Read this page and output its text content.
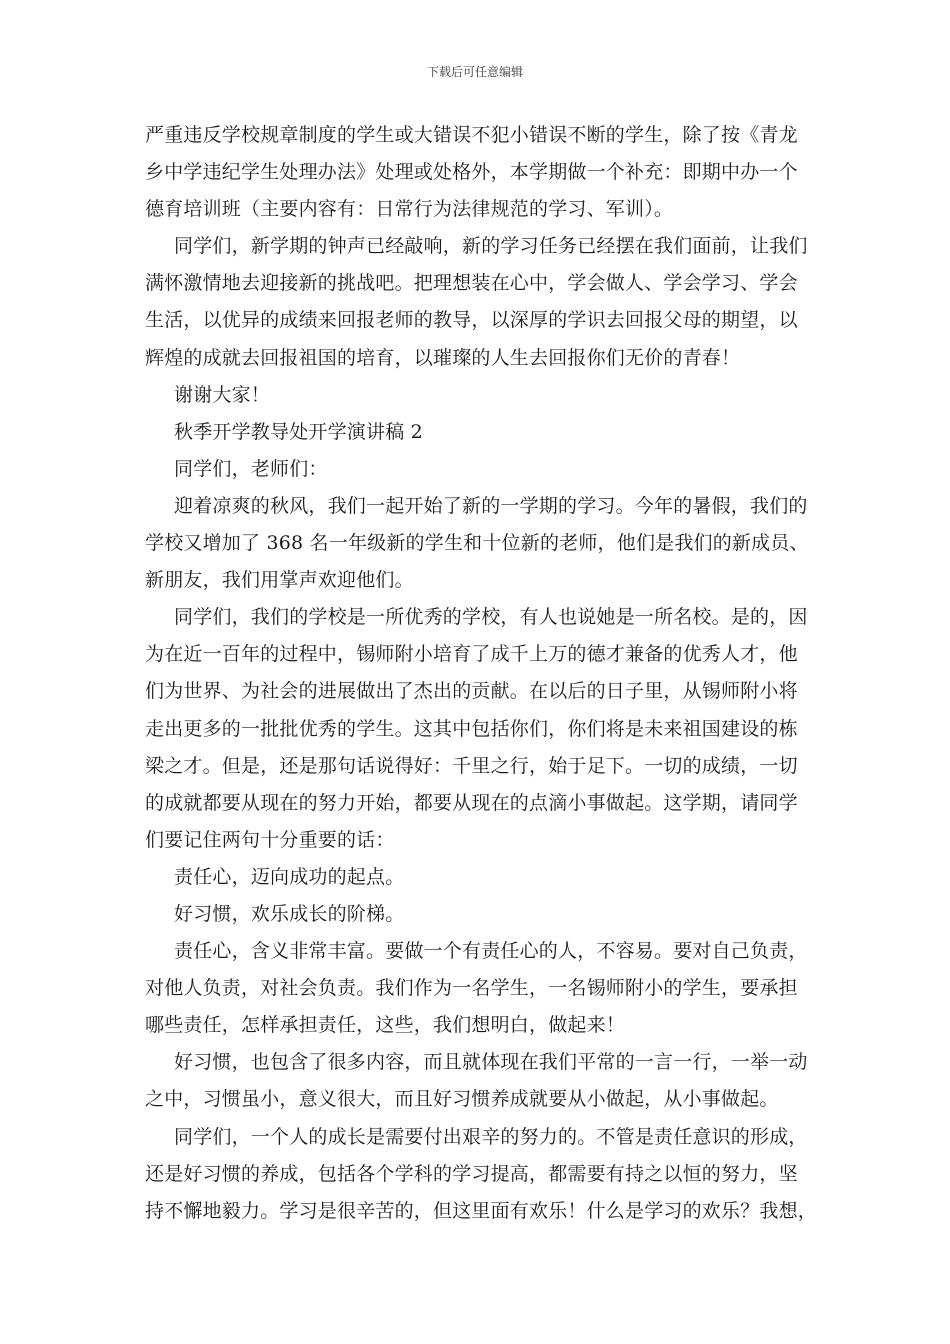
下载后可任意编辑
严重违反学校规章制度的学生或大错误不犯小错误不断的学生，除了按《青龙
乡中学违纪学生处理办法》处理或处格外，本学期做一个补充：即期中办一个
德育培训班（主要内容有：日常行为法律规范的学习、军训）。
同学们，新学期的钟声已经敲响，新的学习任务已经摆在我们面前，让我们
满怀激情地去迎接新的挑战吧。把理想装在心中，学会做人、学会学习、学会
生活，以优异的成绩来回报老师的教导，以深厚的学识去回报父母的期望，以
辉煌的成就去回报祖国的培育，以璀璨的人生去回报你们无价的青春！
谢谢大家！
秋季开学教导处开学演讲稿 2
同学们，老师们：
迎着凉爽的秋风，我们一起开始了新的一学期的学习。今年的暑假，我们的
学校又增加了 368 名一年级新的学生和十位新的老师，他们是我们的新成员、
新朋友，我们用掌声欢迎他们。
同学们，我们的学校是一所优秀的学校，有人也说她是一所名校。是的，因
为在近一百年的过程中，锡师附小培育了成千上万的德才兼备的优秀人才，他
们为世界、为社会的进展做出了杰出的贡献。在以后的日子里，从锡师附小将
走出更多的一批批优秀的学生。这其中包括你们，你们将是未来祖国建设的栋
梁之才。但是，还是那句话说得好：千里之行，始于足下。一切的成绩，一切
的成就都要从现在的努力开始，都要从现在的点滴小事做起。这学期，请同学
们要记住两句十分重要的话：
责任心，迈向成功的起点。
好习惯，欢乐成长的阶梯。
责任心，含义非常丰富。要做一个有责任心的人，不容易。要对自己负责，
对他人负责，对社会负责。我们作为一名学生，一名锡师附小的学生，要承担
哪些责任，怎样承担责任，这些，我们想明白，做起来！
好习惯，也包含了很多内容，而且就体现在我们平常的一言一行，一举一动
之中，习惯虽小，意义很大，而且好习惯养成就要从小做起，从小事做起。
同学们，一个人的成长是需要付出艰辛的努力的。不管是责任意识的形成，
还是好习惯的养成，包括各个学科的学习提高，都需要有持之以恒的努力，坚
持不懈地毅力。学习是很辛苦的，但这里面有欢乐！什么是学习的欢乐？我想，
